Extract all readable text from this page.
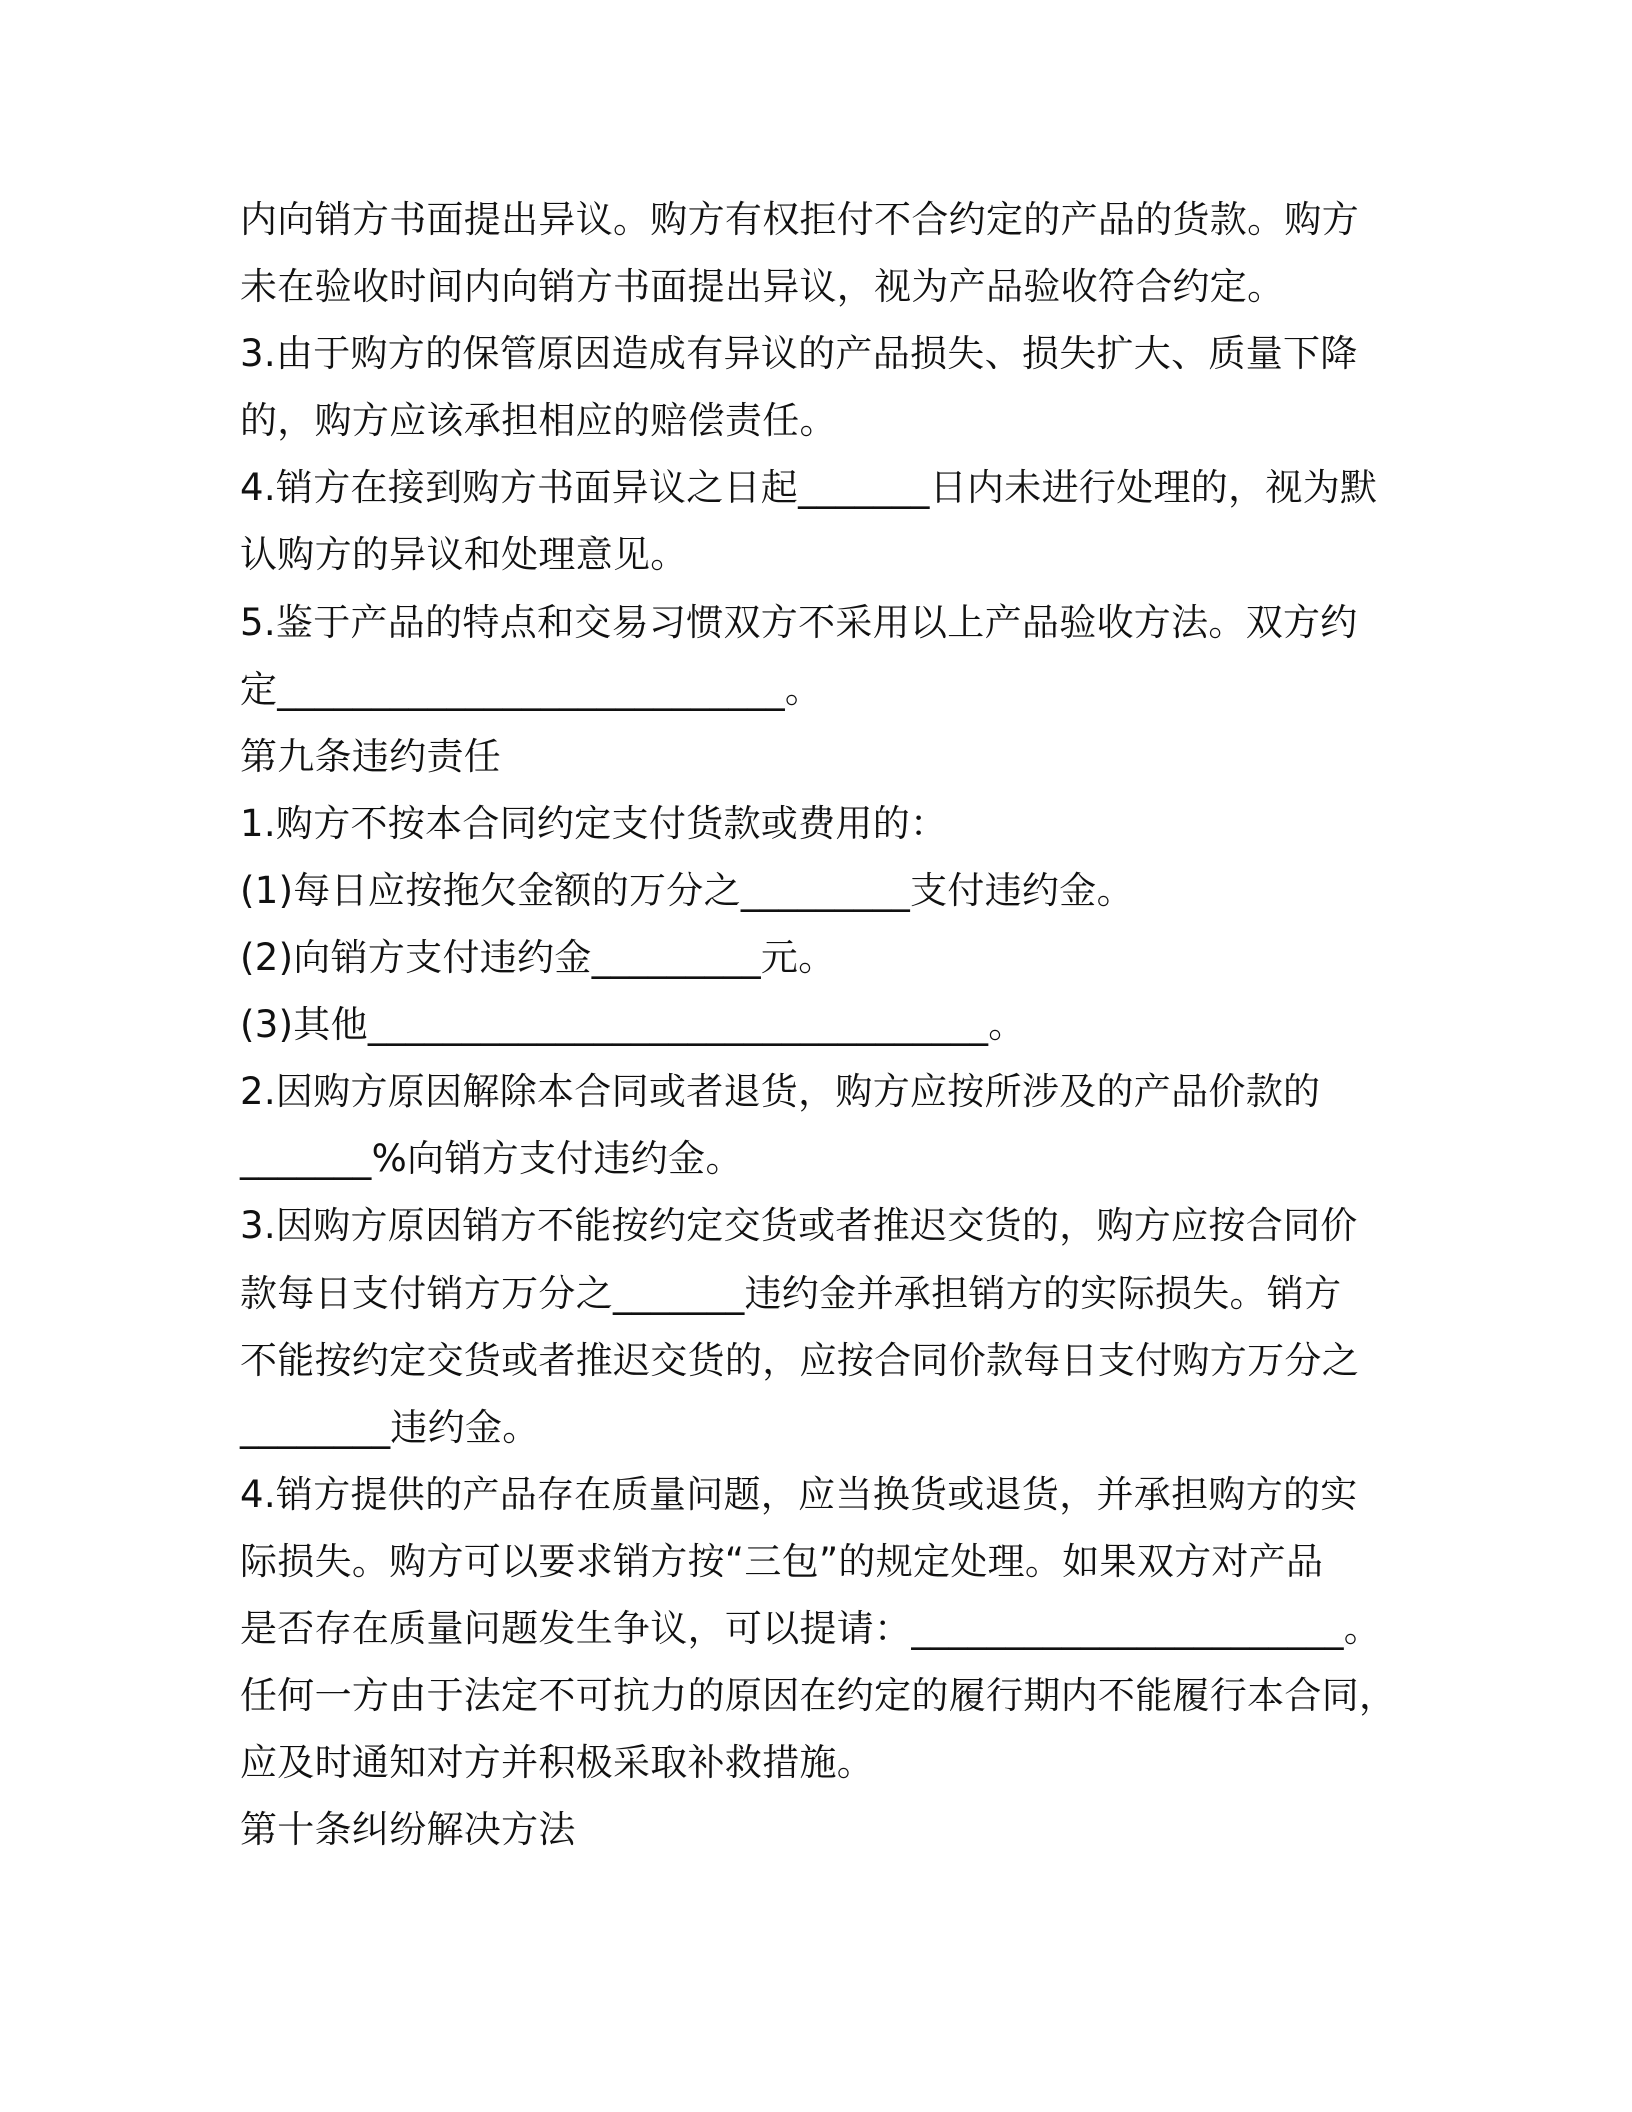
内向销方书面提出异议。购方有权拒付不合约定的产品的货款。购方
未在验收时间内向销方书面提出异议，视为产品验收符合约定。
3.由于购方的保管原因造成有异议的产品损失、损失扩大、质量下降
的，购方应该承担相应的赔偿责任。
4.销方在接到购方书面异议之日起_______日内未进行处理的，视为默
认购方的异议和处理意见。
5.鉴于产品的特点和交易习惯双方不采用以上产品验收方法。双方约
定___________________________。
第九条违约责任
1.购方不按本合同约定支付货款或费用的：
(1)每日应按拖欠金额的万分之_________支付违约金。
(2)向销方支付违约金_________元。
(3)其他_________________________________。
2.因购方原因解除本合同或者退货，购方应按所涉及的产品价款的
_______%向销方支付违约金。
3.因购方原因销方不能按约定交货或者推迟交货的，购方应按合同价
款每日支付销方万分之_______违约金并承担销方的实际损失。销方
不能按约定交货或者推迟交货的，应按合同价款每日支付购方万分之
________违约金。
4.销方提供的产品存在质量问题，应当换货或退货，并承担购方的实
际损失。购方可以要求销方按“三包”的规定处理。如果双方对产品
是否存在质量问题发生争议，可以提请：_______________________。
任何一方由于法定不可抗力的原因在约定的履行期内不能履行本合同，
应及时通知对方并积极采取补救措施。
第十条纠纷解决方法
